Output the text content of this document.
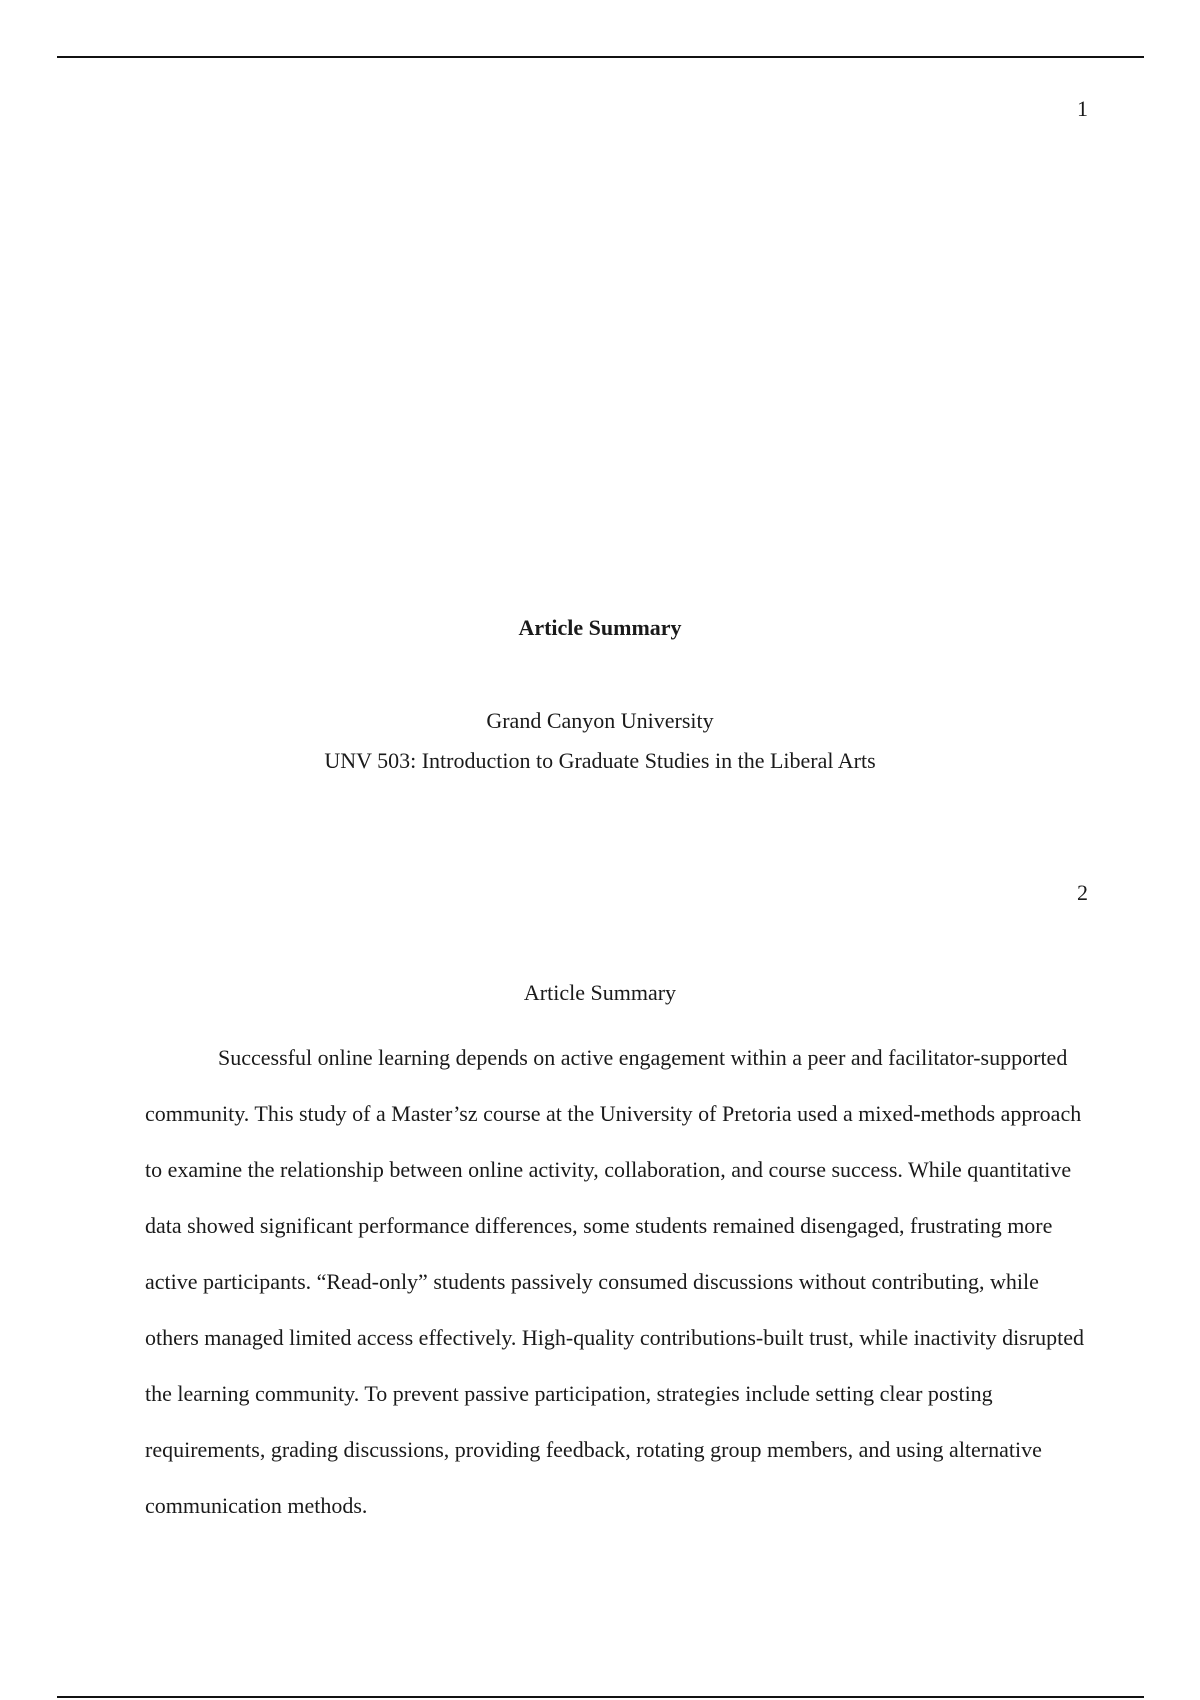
1
Article Summary
Grand Canyon University
UNV 503: Introduction to Graduate Studies in the Liberal Arts
2
Article Summary

Successful online learning depends on active engagement within a peer and facilitator-supported community. This study of a Master’sz course at the University of Pretoria used a mixed-methods approach to examine the relationship between online activity, collaboration, and course success. While quantitative data showed significant performance differences, some students remained disengaged, frustrating more active participants. “Read-only” students passively consumed discussions without contributing, while others managed limited access effectively. High-quality contributions-built trust, while inactivity disrupted the learning community. To prevent passive participation, strategies include setting clear posting requirements, grading discussions, providing feedback, rotating group members, and using alternative communication methods.
